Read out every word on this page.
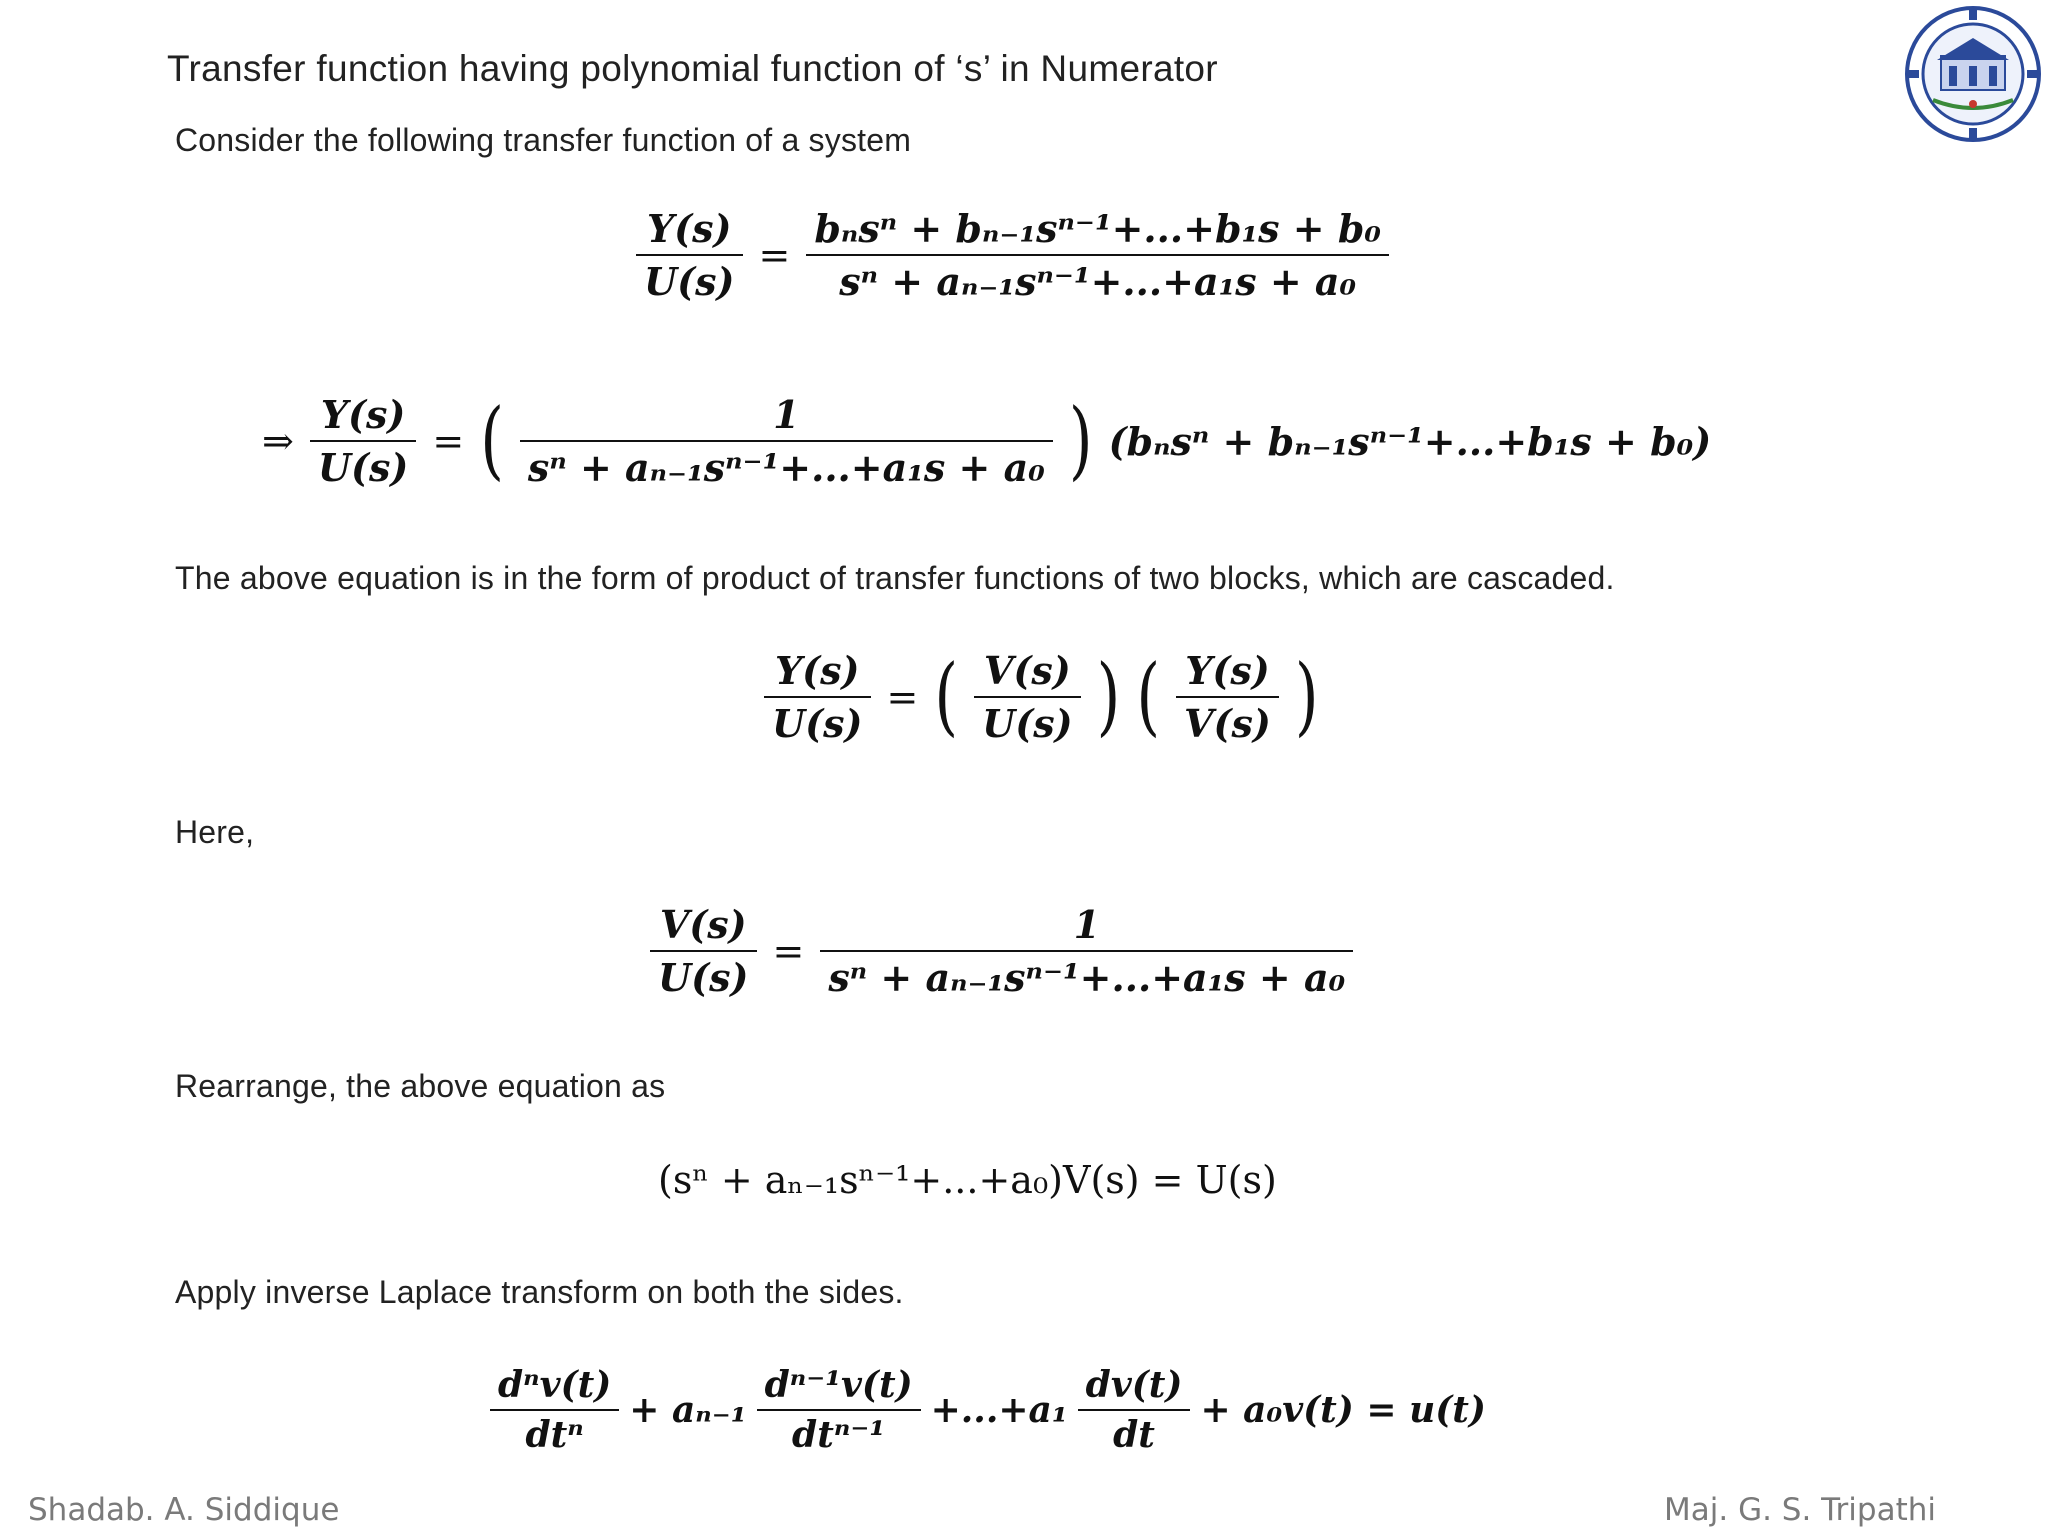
Transfer function having polynomial function of ‘s’ in Numerator

Consider the following transfer function of a system

$\frac{Y(s)}{U(s)} = \frac{\text{bₙsⁿ + bₙ₋₁sⁿ⁻¹+...+b₁s + b₀}}{\text{sⁿ + aₙ₋₁sⁿ⁻¹+...+a₁s + a₀}}$
⇒ $\frac{Y(s)}{U(s)}$ = ( $\frac{1}{\text{sⁿ + aₙ₋₁sⁿ⁻¹+...+a₁s + a₀}}$ ) (bₙsⁿ + bₙ₋₁sⁿ⁻¹+...+b₁s + b₀)

The above equation is in the form of product of transfer functions of two blocks, which are cascaded.

$\frac{Y(s)}{U(s)}$ = ( $\frac{V(s)}{U(s)}$ ) ( $\frac{Y(s)}{V(s)}$ )

Here,

$\frac{V(s)}{U(s)} = \frac{1}{\text{sⁿ + aₙ₋₁sⁿ⁻¹+...+a₁s + a₀}}$

Rearrange, the above equation as

(sⁿ + aₙ₋₁sⁿ⁻¹+...+a₀)V(s) = U(s)

Apply inverse Laplace transform on both the sides.

$\frac{\text{dⁿv(t)}}{\text{dtⁿ}} + a_{n-1} \frac{\text{dⁿ⁻¹v(t)}}{\text{dtⁿ⁻¹}} +...+a_1 \frac{dv(t)}{dt} + a_0v(t) = u(t)$
Shadab. A. Siddique	Maj. G. S. Tripathi
